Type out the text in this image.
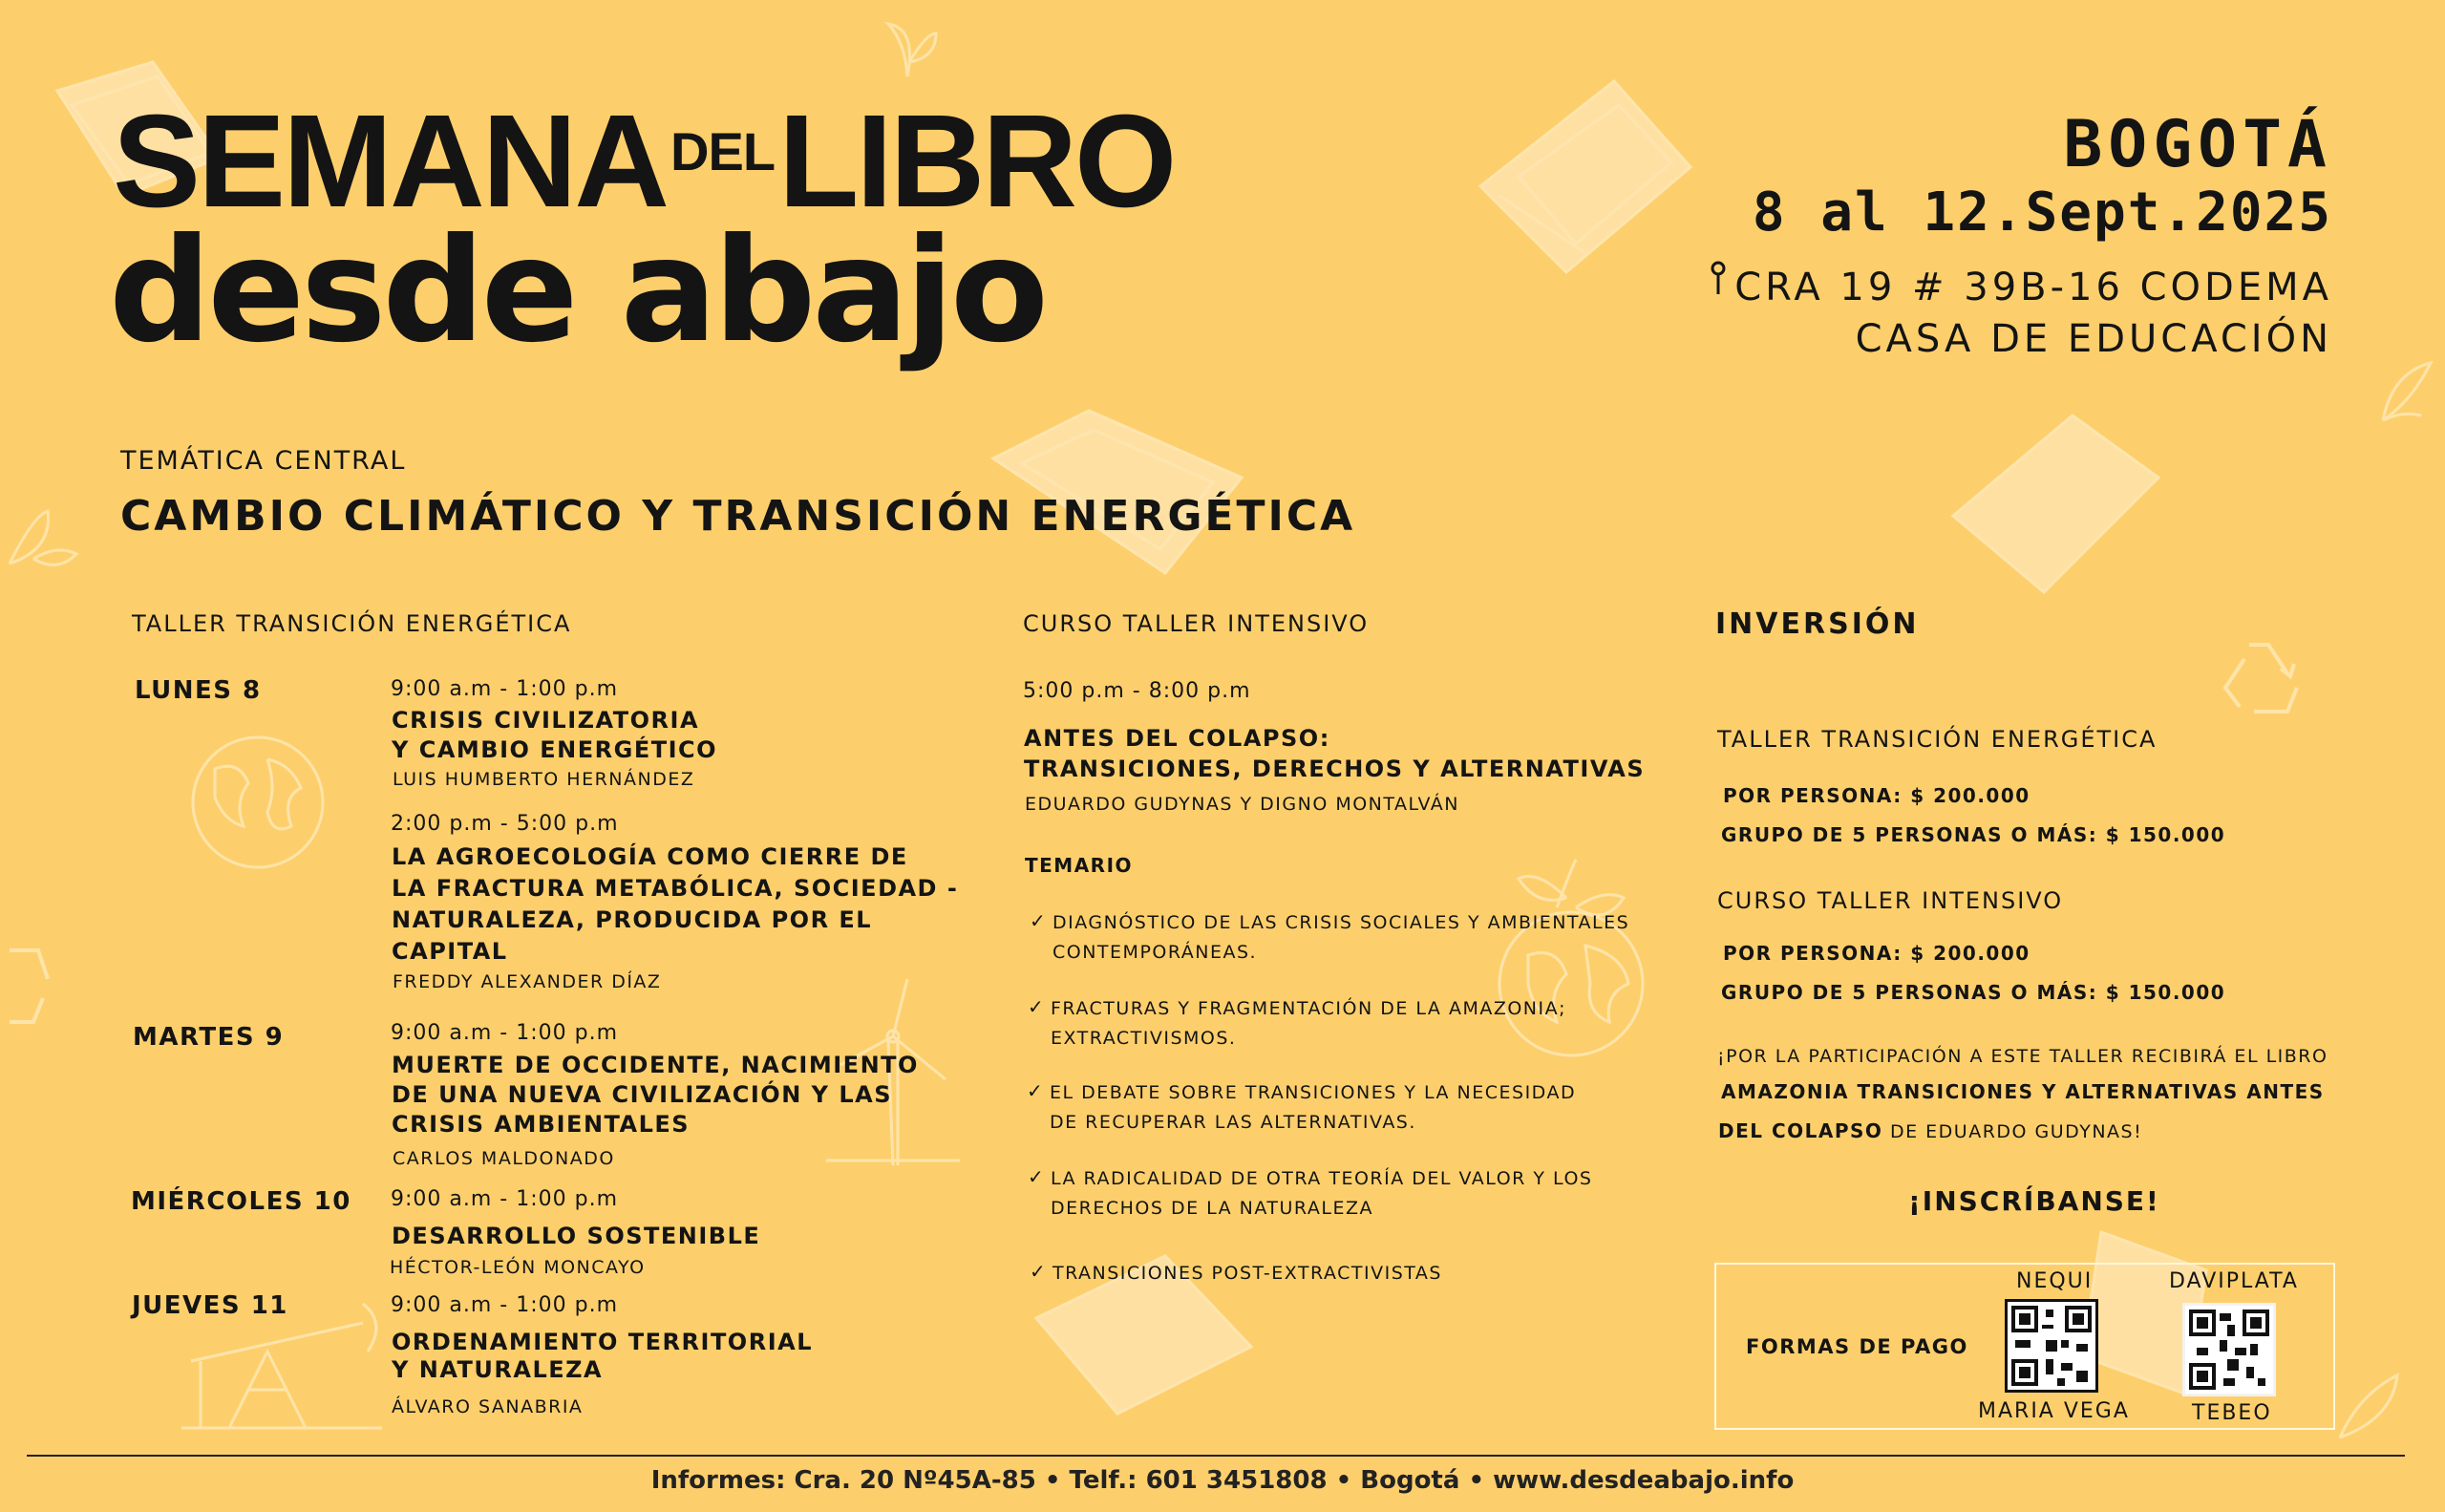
$SEMANA^{DEL}LIBRO$
desde abajo
BOGOTÁ
8 al 12.Sept.2025
CRA 19 # 39B-16 CODEMA
CASA DE EDUCACIÓN
TEMÁTICA CENTRAL
CAMBIO CLIMÁTICO Y TRANSICIÓN ENERGÉTICA
TALLER TRANSICIÓN ENERGÉTICA
LUNES 8	9:00 a.m - 1:00 p.m
CRISIS CIVILIZATORIA
Y CAMBIO ENERGÉTICO
LUIS HUMBERTO HERNÁNDEZ
2:00 p.m - 5:00 p.m
LA AGROECOLOGÍA COMO CIERRE DE
LA FRACTURA METABÓLICA, SOCIEDAD -
NATURALEZA, PRODUCIDA POR EL
CAPITAL
FREDDY ALEXANDER DÍAZ
MARTES 9	9:00 a.m - 1:00 p.m
MUERTE DE OCCIDENTE, NACIMIENTO
DE UNA NUEVA CIVILIZACIÓN Y LAS
CRISIS AMBIENTALES
CARLOS MALDONADO
MIÉRCOLES 10 9:00 a.m - 1:00 p.m
DESARROLLO SOSTENIBLE
HÉCTOR-LEÓN MONCAYO
JUEVES 11	9:00 a.m - 1:00 p.m
ORDENAMIENTO TERRITORIAL
Y NATURALEZA
ÁLVARO SANABRIA
CURSO TALLER INTENSIVO
5:00 p.m - 8:00 p.m
ANTES DEL COLAPSO:
TRANSICIONES, DERECHOS Y ALTERNATIVAS
EDUARDO GUDYNAS Y DIGNO MONTALVÁN
TEMARIO
✓ DIAGNÓSTICO DE LAS CRISIS SOCIALES Y AMBIENTALES
CONTEMPORÁNEAS.
✓ FRACTURAS Y FRAGMENTACIÓN DE LA AMAZONIA;
EXTRACTIVISMOS.
✓ EL DEBATE SOBRE TRANSICIONES Y LA NECESIDAD
DE RECUPERAR LAS ALTERNATIVAS.
✓ LA RADICALIDAD DE OTRA TEORÍA DEL VALOR Y LOS
DERECHOS DE LA NATURALEZA
✓ TRANSICIONES POST-EXTRACTIVISTAS
INVERSIÓN
TALLER TRANSICIÓN ENERGÉTICA
POR PERSONA: $ 200.000
GRUPO DE 5 PERSONAS O MÁS: $ 150.000
CURSO TALLER INTENSIVO
POR PERSONA: $ 200.000
GRUPO DE 5 PERSONAS O MÁS: $ 150.000
¡POR LA PARTICIPACIÓN A ESTE TALLER RECIBIRÁ EL LIBRO
AMAZONIA TRANSICIONES Y ALTERNATIVAS ANTES
DEL COLAPSO DE EDUARDO GUDYNAS!
¡INSCRÍBANSE!
FORMAS DE PAGO
NEQUI
MARIA VEGA
DAVIPLATA
TEBEO
Informes: Cra. 20 Nº45A-85 • Telf.: 601 3451808 • Bogotá • www.desdeabajo.info
